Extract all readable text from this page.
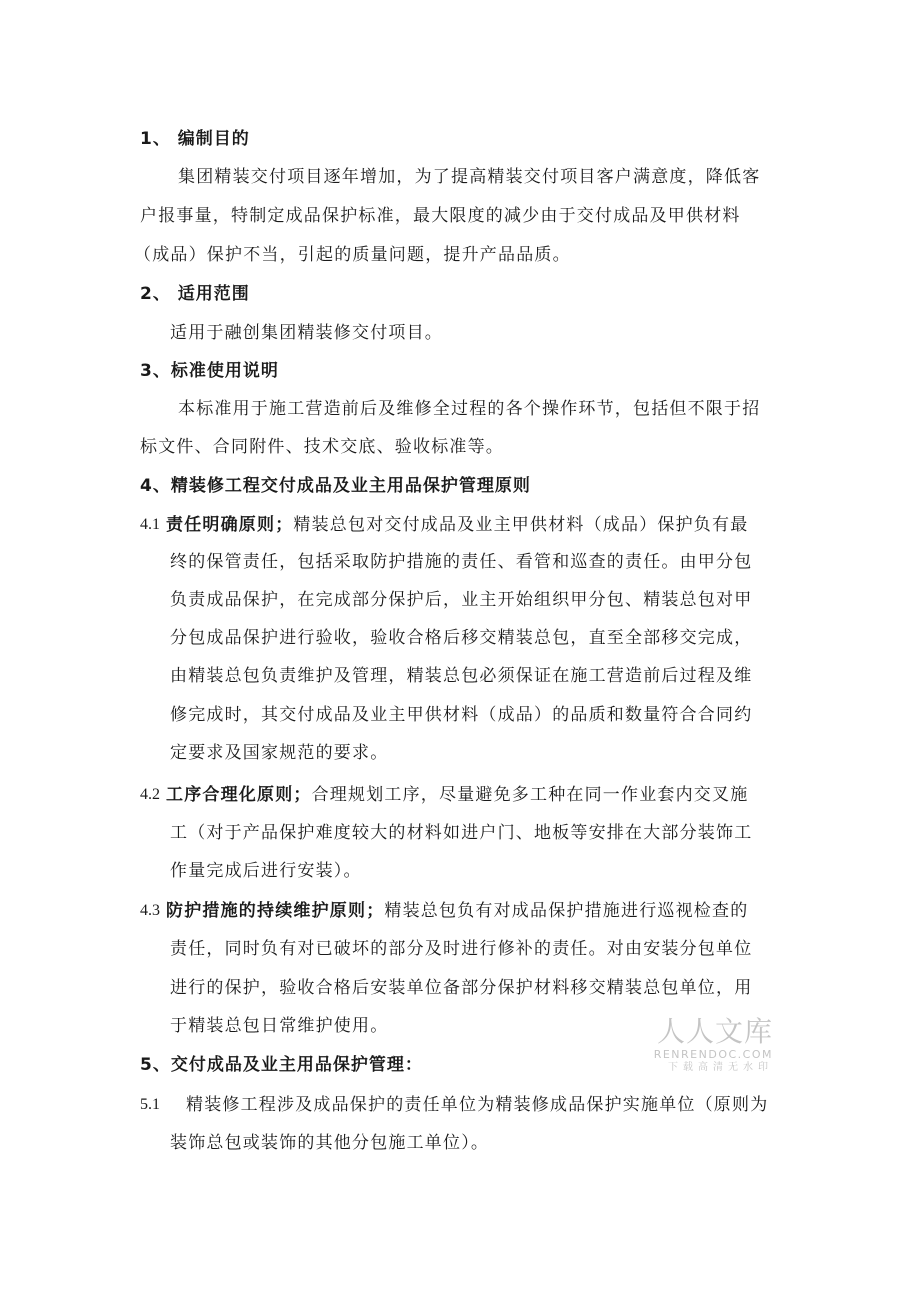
1、 编制目的
集团精装交付项目逐年增加，为了提高精装交付项目客户满意度，降低客
户报事量，特制定成品保护标准，最大限度的减少由于交付成品及甲供材料
（成品）保护不当，引起的质量问题，提升产品品质。
2、 适用范围
适用于融创集团精装修交付项目。
3、标准使用说明
本标准用于施工营造前后及维修全过程的各个操作环节，包括但不限于招
标文件、合同附件、技术交底、验收标准等。
4、精装修工程交付成品及业主用品保护管理原则
4.1 责任明确原则；精装总包对交付成品及业主甲供材料（成品）保护负有最
终的保管责任，包括采取防护措施的责任、看管和巡查的责任。由甲分包
负责成品保护，在完成部分保护后，业主开始组织甲分包、精装总包对甲
分包成品保护进行验收，验收合格后移交精装总包，直至全部移交完成，
由精装总包负责维护及管理，精装总包必须保证在施工营造前后过程及维
修完成时，其交付成品及业主甲供材料（成品）的品质和数量符合合同约
定要求及国家规范的要求。
4.2 工序合理化原则；合理规划工序，尽量避免多工种在同一作业套内交叉施
工（对于产品保护难度较大的材料如进户门、地板等安排在大部分装饰工
作量完成后进行安装）。
4.3 防护措施的持续维护原则；精装总包负有对成品保护措施进行巡视检查的
责任，同时负有对已破坏的部分及时进行修补的责任。对由安装分包单位
进行的保护，验收合格后安装单位备部分保护材料移交精装总包单位，用
于精装总包日常维护使用。
5、交付成品及业主用品保护管理：
5.1 精装修工程涉及成品保护的责任单位为精装修成品保护实施单位（原则为
装饰总包或装饰的其他分包施工单位）。
人人文库
RENRENDOC.COM
下载高清无水印
